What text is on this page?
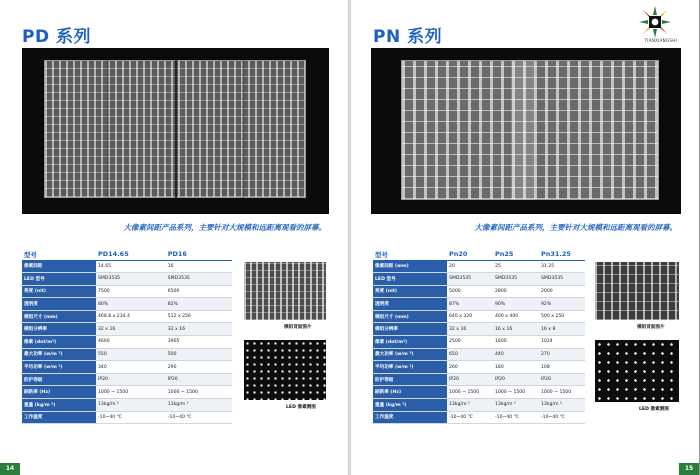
PD 系列
大像素间距产品系列，主要针对大规模和远距离观看的屏幕。
型号	PD14.65	PD16
像素间距	14.65	16
LED 型号	SMD3535	SMD3535
亮度 (nit)	7500	6500
透明度	80%	82%
模组尺寸 (mm)	468.8 x 234.4	512 x 256
模组分辨率	32 x 16	32 x 16
像素 (dot/m²)	4660	3905
最大功率 (w/m ²)	550	500
平均功率 (w/m ²)	340	290
防护等级	IP20	IP20
刷新率 (Hz)	1000 ~ 1500	1000 ~ 1500
重量 (kg/m ²)	13kg/m ²	13kg/m ²
工作温度	-10~40 ℃	-10~40 ℃
模组背面图片
LED 像素测图
14
PN 系列	TIANXIANGSHI
大像素间距产品系列，主要针对大规模和远距离观看的屏幕。
型号	Pn20	Pn25	Pn31.25
像素间距 (mm)	20	25	31.25
LED 型号	SMD3535	SMD3535	SMD3535
亮度 (nit)	5000	2800	2000
透明度	87%	90%	92%
模组尺寸 (mm)	640 x 320	400 x 400	500 x 250
模组分辨率	32 x 16	16 x 16	16 x 8
像素 (dot/m²)	2500	1600	1024
最大功率 (w/m ²)	650	440	270
平均功率 (w/m ²)	260	180	108
防护等级	IP20	IP20	IP20
刷新率 (Hz)	1000 ~ 1500	1000 ~ 1500	1000 ~ 1500
重量 (kg/m ²)	13kg/m ²	13kg/m ²	13kg/m ²
工作温度	-10~40 ℃	-10~40 ℃	-10~40 ℃
模组背面图片
LED 像素测图
15
